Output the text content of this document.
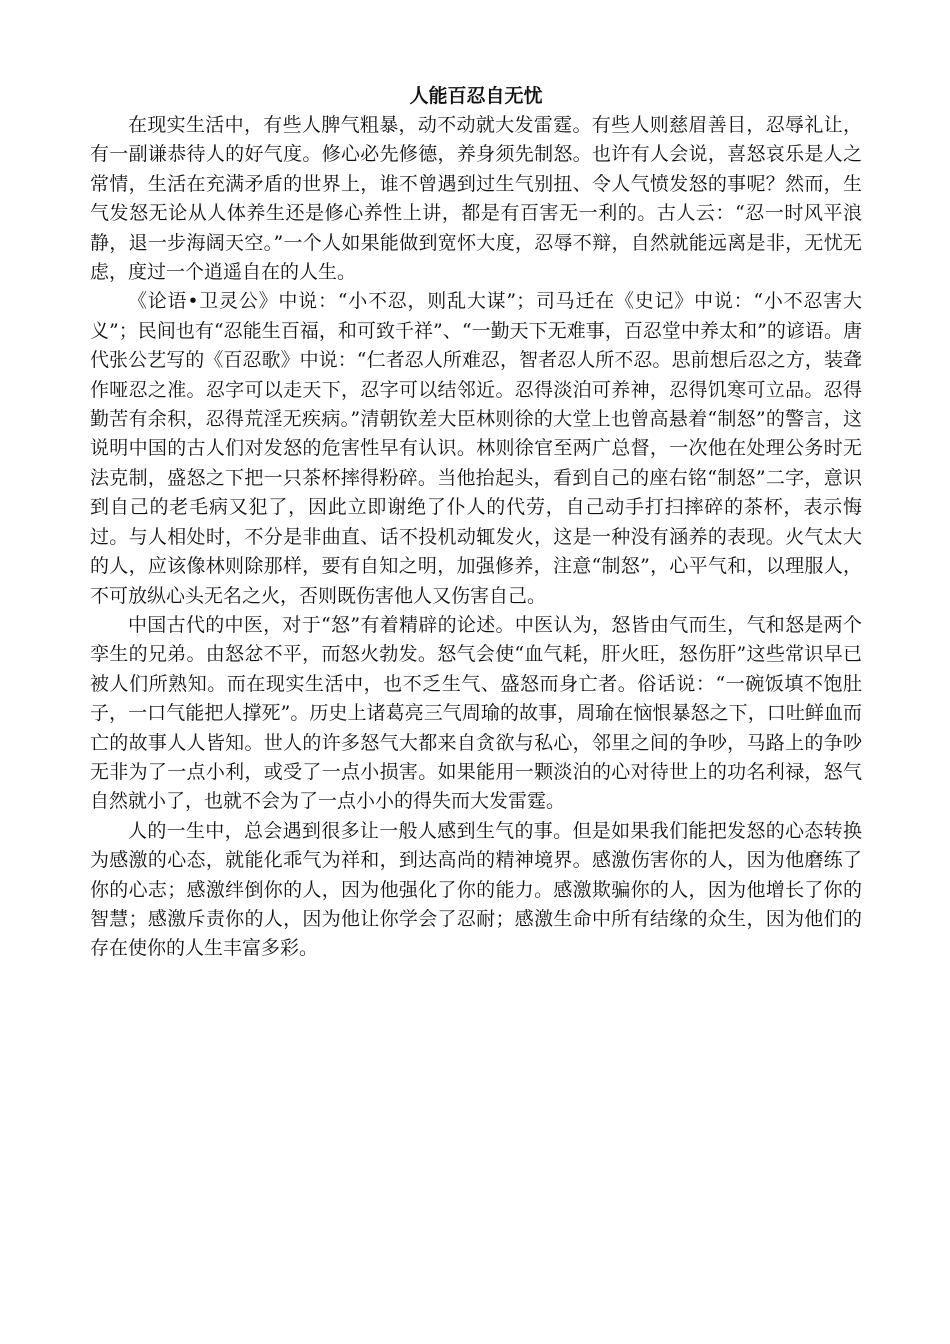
人能百忍自无忧

在现实生活中，有些人脾气粗暴，动不动就大发雷霆。有些人则慈眉善目，忍辱礼让，有一副谦恭待人的好气度。修心必先修德，养身须先制怒。也许有人会说，喜怒哀乐是人之常情，生活在充满矛盾的世界上，谁不曾遇到过生气别扭、令人气愤发怒的事呢？然而，生气发怒无论从人体养生还是修心养性上讲，都是有百害无一利的。古人云：“忍一时风平浪静，退一步海阔天空。”一个人如果能做到宽怀大度，忍辱不辩，自然就能远离是非，无忧无虑，度过一个逍遥自在的人生。

《论语•卫灵公》中说：“小不忍，则乱大谋”；司马迁在《史记》中说：“小不忍害大义”；民间也有“忍能生百福，和可致千祥”、“一勤天下无难事，百忍堂中养太和”的谚语。唐代张公艺写的《百忍歌》中说：“仁者忍人所难忍，智者忍人所不忍。思前想后忍之方，装聋作哑忍之准。忍字可以走天下，忍字可以结邻近。忍得淡泊可养神，忍得饥寒可立品。忍得勤苦有余积，忍得荒淫无疾病。”清朝钦差大臣林则徐的大堂上也曾高悬着“制怒”的警言，这说明中国的古人们对发怒的危害性早有认识。林则徐官至两广总督，一次他在处理公务时无法克制，盛怒之下把一只茶杯摔得粉碎。当他抬起头，看到自己的座右铭“制怒”二字，意识到自己的老毛病又犯了，因此立即谢绝了仆人的代劳，自己动手打扫摔碎的茶杯，表示悔过。与人相处时，不分是非曲直、话不投机动辄发火，这是一种没有涵养的表现。火气太大的人，应该像林则除那样，要有自知之明，加强修养，注意“制怒”，心平气和，以理服人，不可放纵心头无名之火，否则既伤害他人又伤害自己。

中国古代的中医，对于“怒”有着精辟的论述。中医认为，怒皆由气而生，气和怒是两个孪生的兄弟。由怒忿不平，而怒火勃发。怒气会使“血气耗，肝火旺，怒伤肝”这些常识早已被人们所熟知。而在现实生活中，也不乏生气、盛怒而身亡者。俗话说：“一碗饭填不饱肚子，一口气能把人撑死”。历史上诸葛亮三气周瑜的故事，周瑜在恼恨暴怒之下，口吐鲜血而亡的故事人人皆知。世人的许多怒气大都来自贪欲与私心，邻里之间的争吵，马路上的争吵无非为了一点小利，或受了一点小损害。如果能用一颗淡泊的心对待世上的功名利禄，怒气自然就小了，也就不会为了一点小小的得失而大发雷霆。

人的一生中，总会遇到很多让一般人感到生气的事。但是如果我们能把发怒的心态转换为感激的心态，就能化乖气为祥和，到达高尚的精神境界。感激伤害你的人，因为他磨练了你的心志；感激绊倒你的人，因为他强化了你的能力。感激欺骗你的人，因为他增长了你的智慧；感激斥责你的人，因为他让你学会了忍耐；感激生命中所有结缘的众生，因为他们的存在使你的人生丰富多彩。
